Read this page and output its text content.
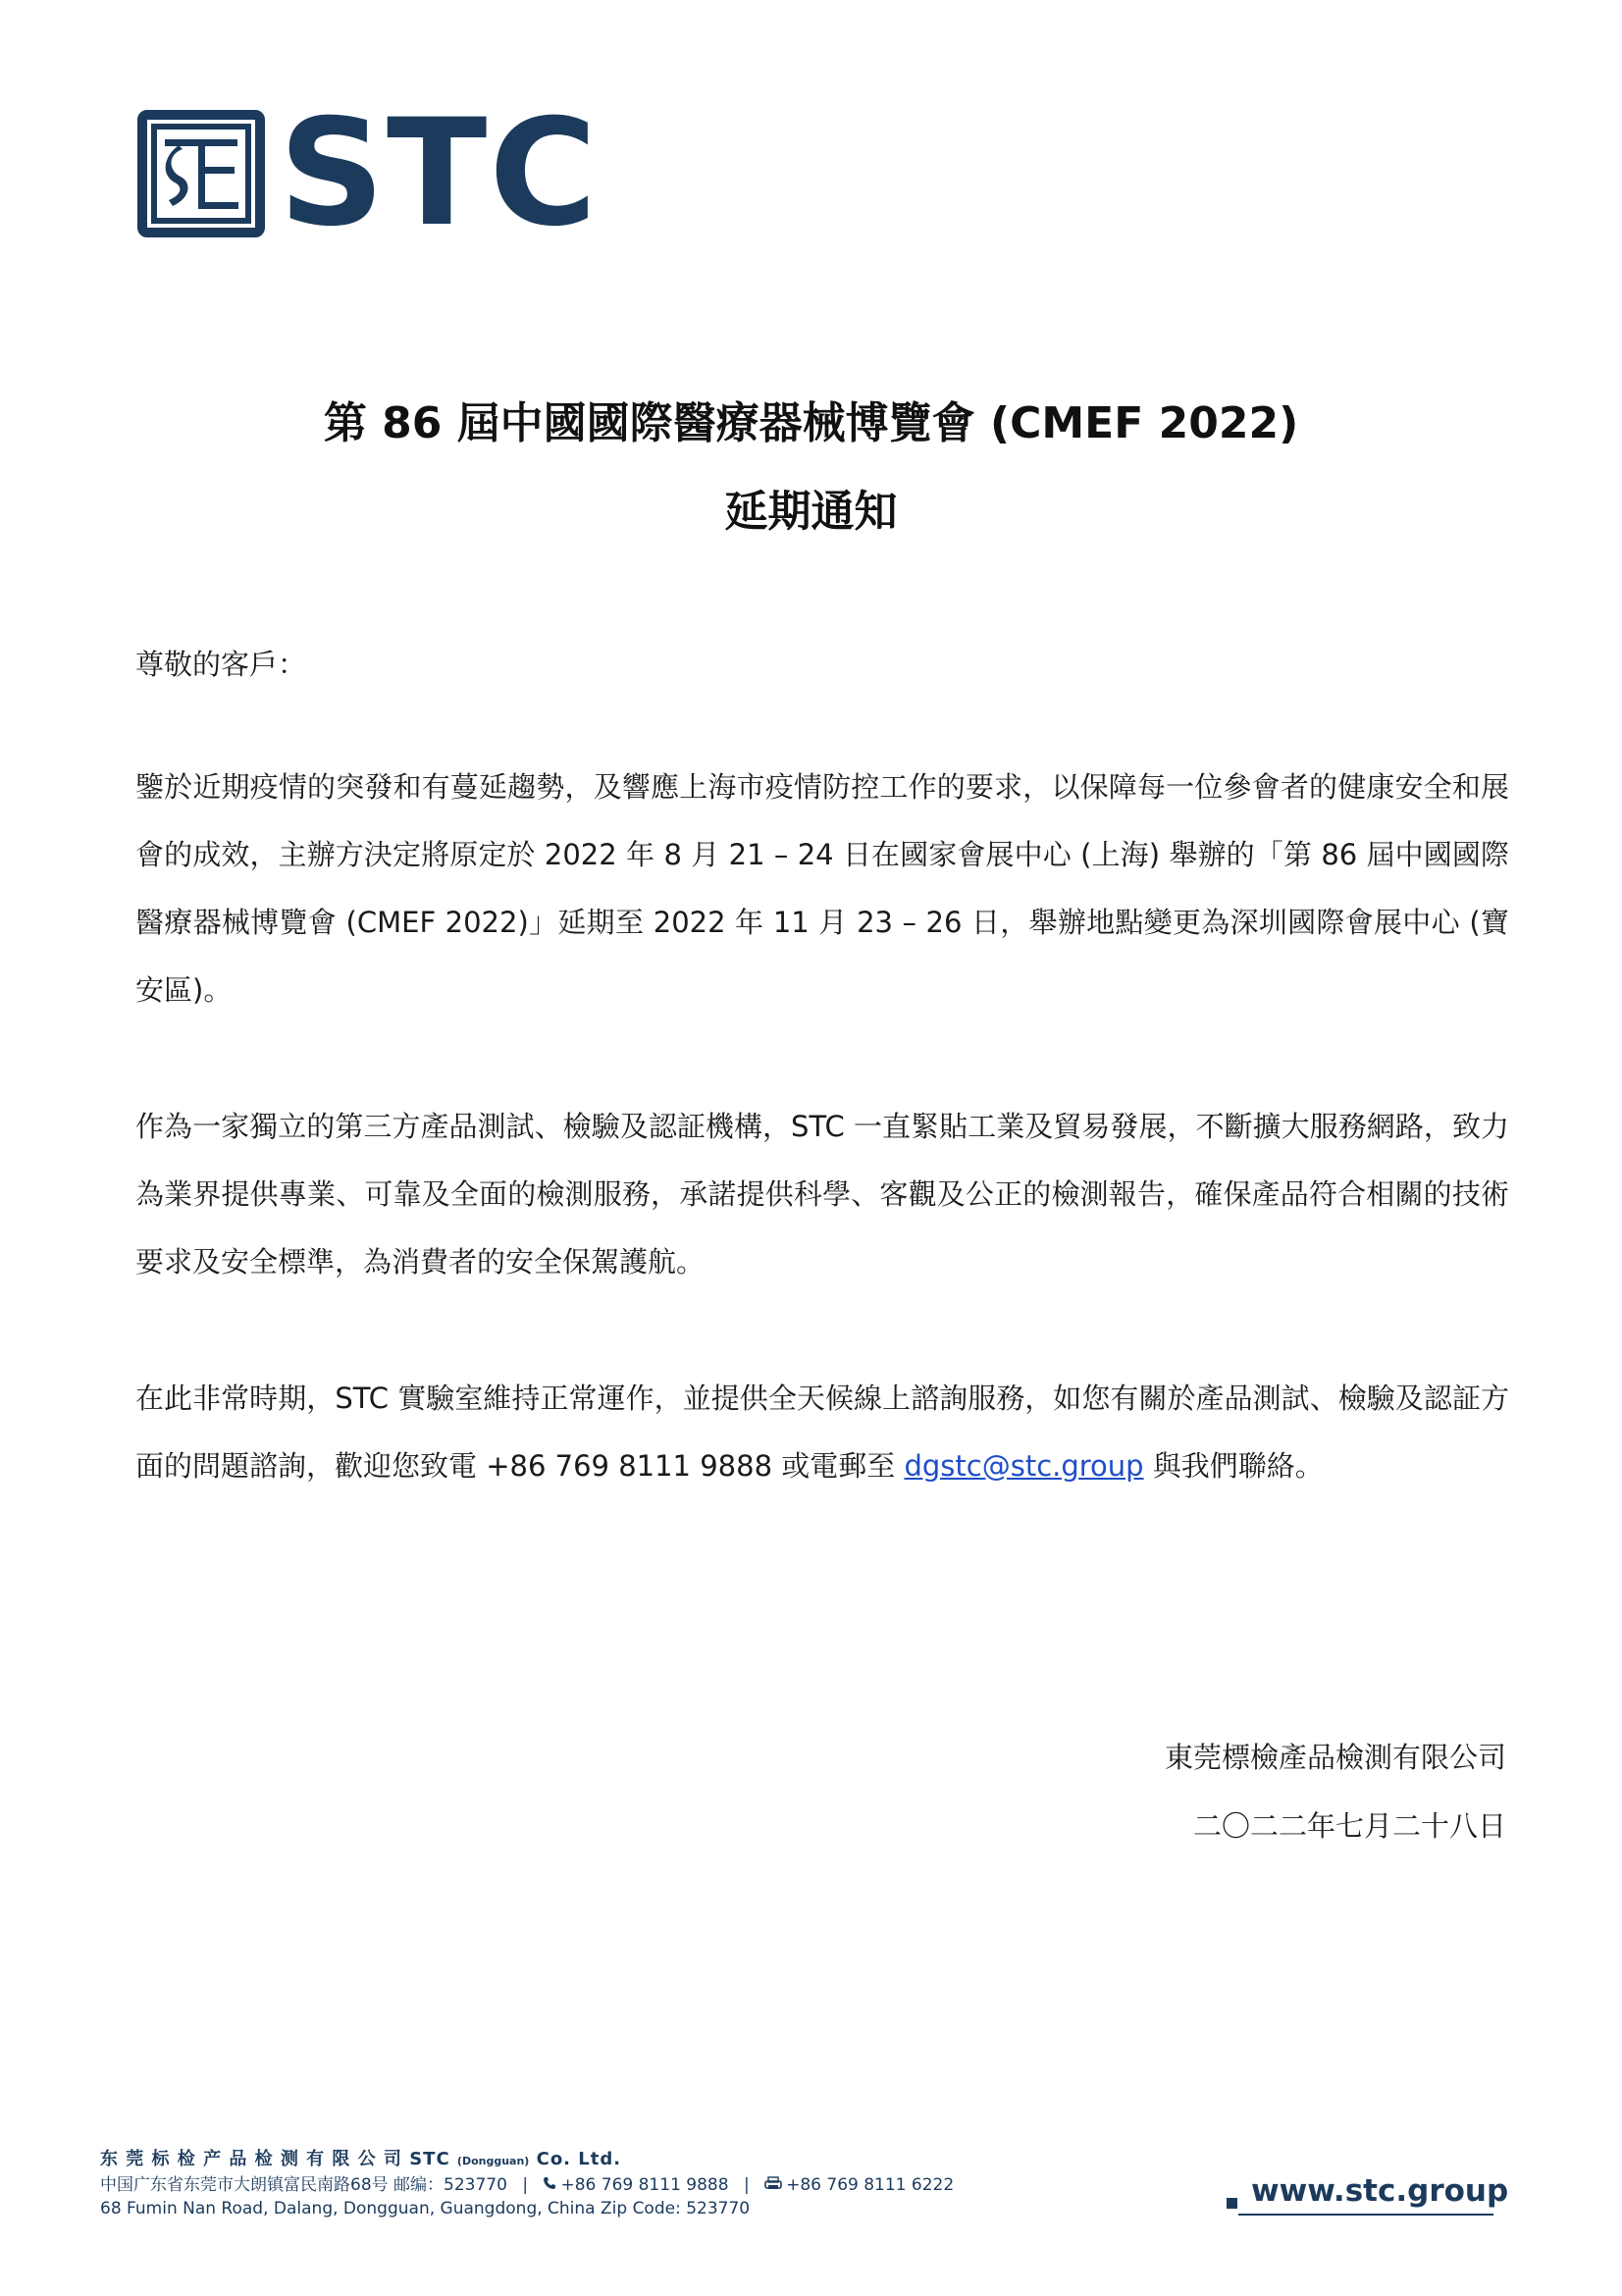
STC
第 86 屆中國國際醫療器械博覽會 (CMEF 2022)
延期通知

尊敬的客戶：

鑒於近期疫情的突發和有蔓延趨勢，及響應上海市疫情防控工作的要求，以保障每一位參會者的健康安全和展會的成效，主辦方決定將原定於 2022 年 8 月 21 – 24 日在國家會展中心 (上海) 舉辦的「第 86 屆中國國際醫療器械博覽會 (CMEF 2022)」延期至 2022 年 11 月 23 – 26 日，舉辦地點變更為深圳國際會展中心 (寶安區)。

作為一家獨立的第三方產品測試、檢驗及認証機構，STC 一直緊貼工業及貿易發展，不斷擴大服務網路，致力為業界提供專業、可靠及全面的檢測服務，承諾提供科學、客觀及公正的檢測報告，確保產品符合相關的技術要求及安全標準，為消費者的安全保駕護航。

在此非常時期，STC 實驗室維持正常運作，並提供全天候線上諮詢服務，如您有關於產品測試、檢驗及認証方面的問題諮詢，歡迎您致電 +86 769 8111 9888 或電郵至 dgstc@stc.group 與我們聯絡。

東莞標檢產品檢測有限公司
二〇二二年七月二十八日
东 莞 标 检 产 品 检 测 有 限 公 司 STC (Dongguan) Co. Ltd.
中国广东省东莞市大朗镇富民南路68号 邮编：523770 | +86 769 8111 9888 | +86 769 8111 6222
68 Fumin Nan Road, Dalang, Dongguan, Guangdong, China Zip Code: 523770	www.stc.group
